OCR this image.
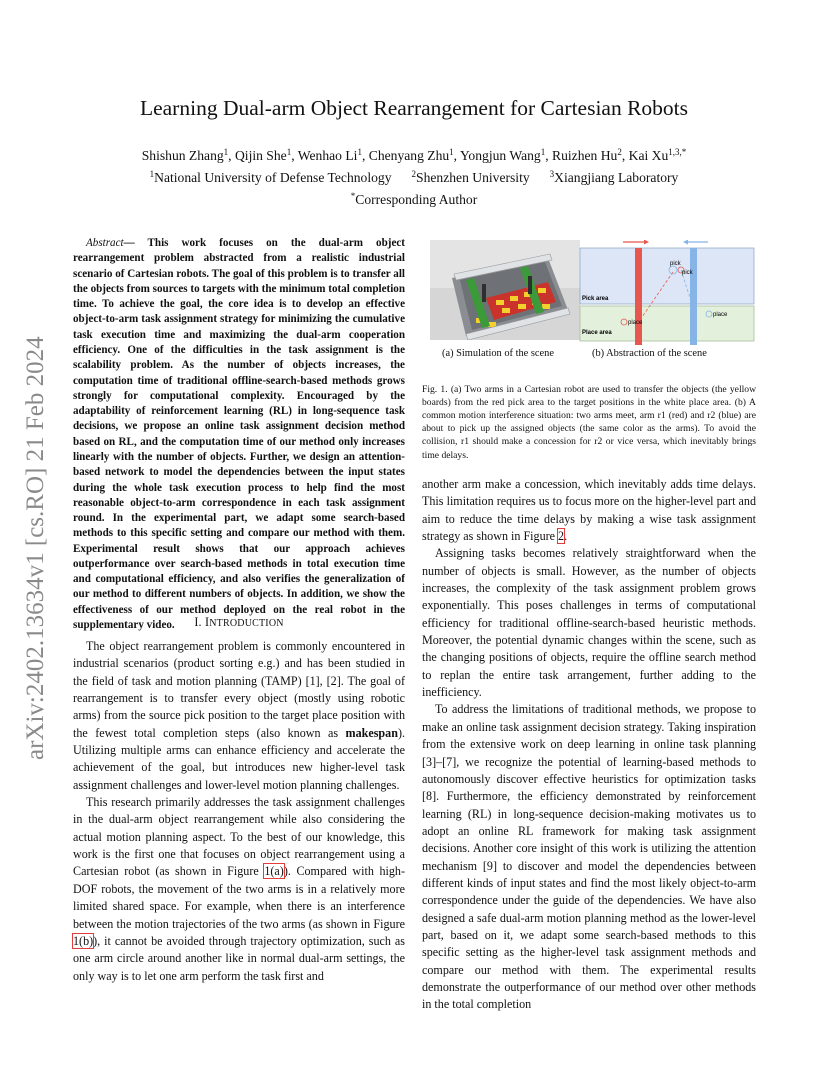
arXiv:2402.13634v1 [cs.RO] 21 Feb 2024
Learning Dual-arm Object Rearrangement for Cartesian Robots
Shishun Zhang$^1$, Qijin She$^1$, Wenhao Li$^1$, Chenyang Zhu$^1$, Yongjun Wang$^1$, Ruizhen Hu$^2$, Kai $Xu^{1,3,*}$
$^1$National University of Defense Technology $^2$Shenzhen University $^3$Xiangjiang Laboratory
*Corresponding Author

Abstract— This work focuses on the dual-arm object rearrangement problem abstracted from a realistic industrial scenario of Cartesian robots. The goal of this problem is to transfer all the objects from sources to targets with the minimum total completion time. To achieve the goal, the core idea is to develop an effective object-to-arm task assignment strategy for minimizing the cumulative task execution time and maximizing the dual-arm cooperation efficiency. One of the difficulties in the task assignment is the scalability problem. As the number of objects increases, the computation time of traditional offline-search-based methods grows strongly for computational complexity. Encouraged by the adaptability of reinforcement learning (RL) in long-sequence task decisions, we propose an online task assignment decision method based on RL, and the computation time of our method only increases linearly with the number of objects. Further, we design an attention-based network to model the dependencies between the input states during the whole task execution process to help find the most reasonable object-to-arm correspondence in each task assignment round. In the experimental part, we adapt some search-based methods to this specific setting and compare our method with them. Experimental result shows that our approach achieves outperformance over search-based methods in total execution time and computational efficiency, and also verifies the generalization of our method to different numbers of objects. In addition, we show the effectiveness of our method deployed on the real robot in the supplementary video.	I. INTRODUCTION

The object rearrangement problem is commonly encountered in industrial scenarios (product sorting e.g.) and has been studied in the field of task and motion planning (TAMP) [1], [2]. The goal of rearrangement is to transfer every object (mostly using robotic arms) from the source pick position to the target place position with the fewest total completion steps (also known as makespan). Utilizing multiple arms can enhance efficiency and accelerate the achievement of the goal, but introduces new higher-level task assignment challenges and lower-level motion planning challenges.

This research primarily addresses the task assignment challenges in the dual-arm object rearrangement while also considering the actual motion planning aspect. To the best of our knowledge, this work is the first one that focuses on object rearrangement using a Cartesian robot (as shown in Figure 1(a)). Compared with high-DOF robots, the movement of the two arms is in a relatively more limited shared space. For example, when there is an interference between the motion trajectories of the two arms (as shown in Figure 1(b)), it cannot be avoided through trajectory optimization, such as one arm circle around another like in normal dual-arm settings, the only way is to let one arm perform the task first and

pick
pick
Pick area
Place area
place
place
(a) Simulation of the scene	(b) Abstraction of the scene

Fig. 1. (a) Two arms in a Cartesian robot are used to transfer the objects (the yellow boards) from the red pick area to the target positions in the white place area. (b) A common motion interference situation: two arms meet, arm r1 (red) and r2 (blue) are about to pick up the assigned objects (the same color as the arms). To avoid the collision, r1 should make a concession for r2 or vice versa, which inevitably brings time delays.

another arm make a concession, which inevitably adds time delays. This limitation requires us to focus more on the higher-level part and aim to reduce the time delays by making a wise task assignment strategy as shown in Figure 2.

Assigning tasks becomes relatively straightforward when the number of objects is small. However, as the number of objects increases, the complexity of the task assignment problem grows exponentially. This poses challenges in terms of computational efficiency for traditional offline-search-based heuristic methods. Moreover, the potential dynamic changes within the scene, such as the changing positions of objects, require the offline search method to replan the entire task arrangement, further adding to the inefficiency.

To address the limitations of traditional methods, we propose to make an online task assignment decision strategy. Taking inspiration from the extensive work on deep learning in online task planning [3]–[7], we recognize the potential of learning-based methods to autonomously discover effective heuristics for optimization tasks [8]. Furthermore, the efficiency demonstrated by reinforcement learning (RL) in long-sequence decision-making motivates us to adopt an online RL framework for making task assignment decisions. Another core insight of this work is utilizing the attention mechanism [9] to discover and model the dependencies between different kinds of input states and find the most likely object-to-arm correspondence under the guide of the dependencies. We have also designed a safe dual-arm motion planning method as the lower-level part, based on it, we adapt some search-based methods to this specific setting as the higher-level task assignment methods and compare our method with them. The experimental results demonstrate the outperformance of our method over other methods in the total completion
